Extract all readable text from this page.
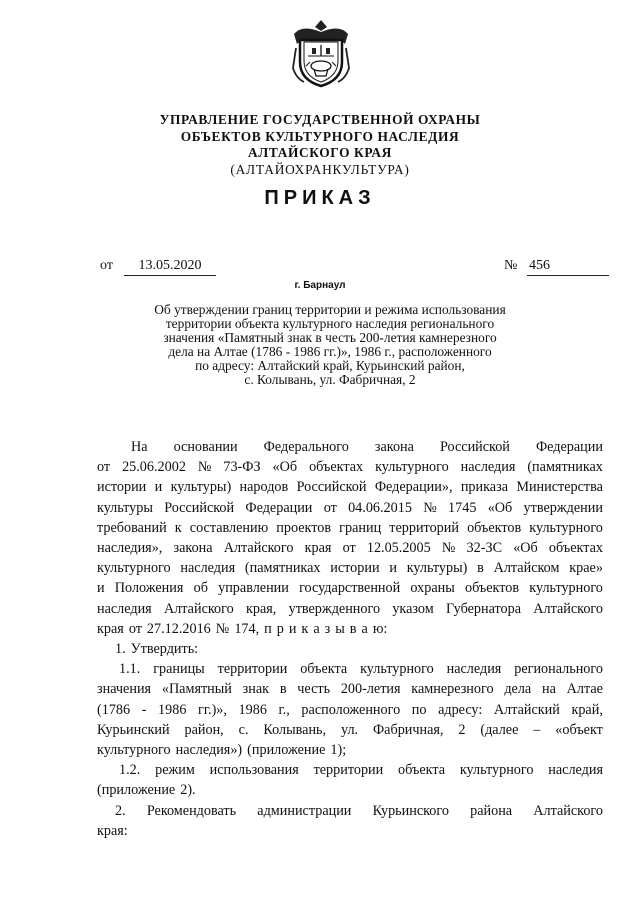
УПРАВЛЕНИЕ ГОСУДАРСТВЕННОЙ ОХРАНЫ
ОБЪЕКТОВ КУЛЬТУРНОГО НАСЛЕДИЯ
АЛТАЙСКОГО КРАЯ
(АЛТАЙОХРАНКУЛЬТУРА)
ПРИКАЗ
от	13.05.2020	№ 456
г. Барнаул
Об утверждении границ территории и режима использования
территории объекта культурного наследия регионального
значения «Памятный знак в честь 200-летия камнерезного
дела на Алтае (1786 - 1986 гг.)», 1986 г., расположенного
по адресу: Алтайский край, Курьинский район,
с. Колывань, ул. Фабричная, 2
На основании Федерального закона Российской Федерации
от 25.06.2002 № 73-ФЗ «Об объектах культурного наследия (памятниках
истории и культуры) народов Российской Федерации», приказа Министерства
культуры Российской Федерации от 04.06.2015 № 1745 «Об утверждении
требований к составлению проектов границ территорий объектов культурного
наследия», закона Алтайского края от 12.05.2005 № 32-ЗС «Об объектах
культурного наследия (памятниках истории и культуры) в Алтайском крае»
и Положения об управлении государственной охраны объектов культурного
наследия Алтайского края, утвержденного указом Губернатора Алтайского
края от 27.12.2016 № 174, п р и к а з ы в а ю:
1. Утвердить:
1.1. границы территории объекта культурного наследия регионального
значения «Памятный знак в честь 200-летия камнерезного дела на Алтае
(1786 - 1986 гг.)», 1986 г., расположенного по адресу: Алтайский край,
Курьинский район, с. Колывань, ул. Фабричная, 2 (далее – «объект
культурного наследия») (приложение 1);
1.2. режим использования территории объекта культурного наследия
(приложение 2).
2. Рекомендовать администрации Курьинского района Алтайского
края:
